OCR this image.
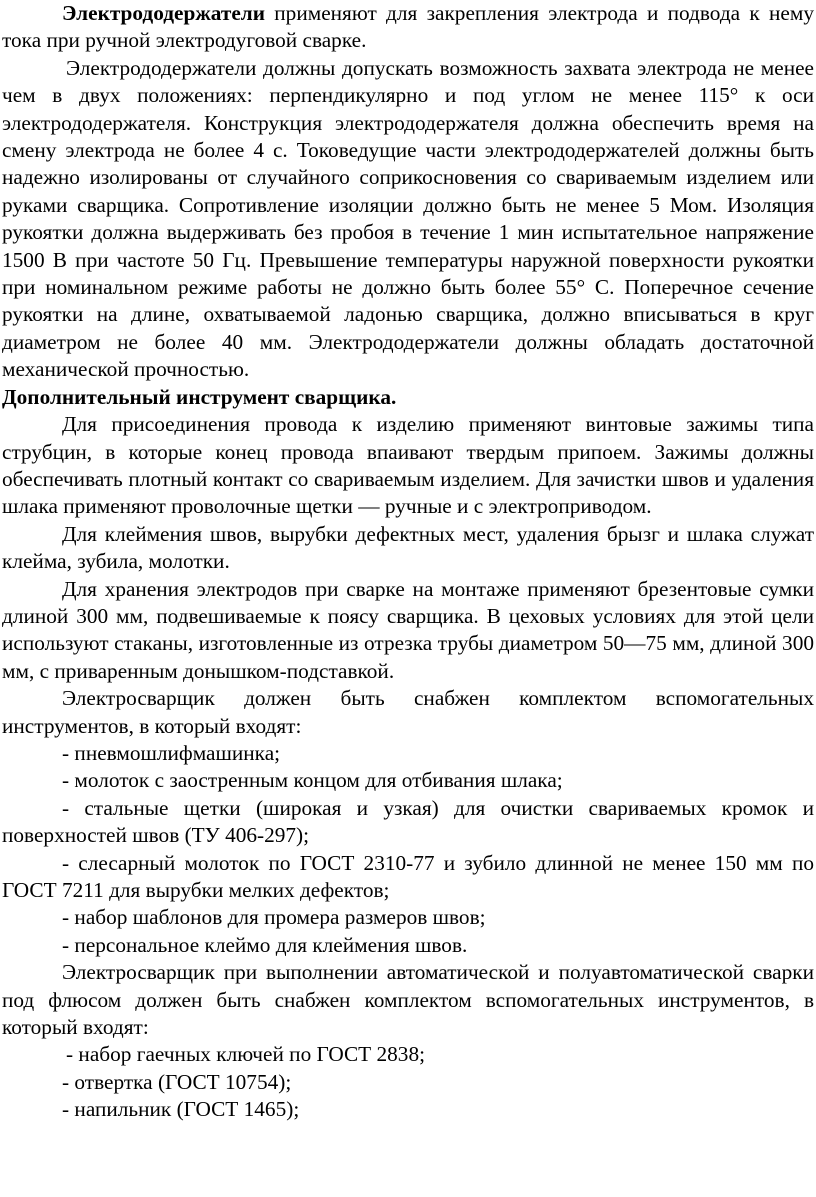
Электрододержатели применяют для закрепления электрода и подвода к нему тока при ручной электродуговой сварке.

Электрододержатели должны допускать возможность захвата электрода не менее чем в двух положениях: перпендикулярно и под углом не менее 115° к оси электрододержателя. Конструкция электрододержателя должна обеспечить время на смену электрода не более 4 с. Токоведущие части электрододержателей должны быть надежно изолированы от случайного соприкосновения со свариваемым изделием или руками сварщика. Сопротивление изоляции должно быть не менее 5 Мом. Изоляция рукоятки должна выдерживать без пробоя в течение 1 мин испытательное напряжение 1500 В при частоте 50 Гц. Превышение температуры наружной поверхности рукоятки при номинальном режиме работы не должно быть более 55° С. Поперечное сечение рукоятки на длине, охватываемой ладонью сварщика, должно вписываться в круг диаметром не более 40 мм. Электрододержатели должны обладать достаточной механической прочностью.

Дополнительный инструмент сварщика.

Для присоединения провода к изделию применяют винтовые зажимы типа струбцин, в которые конец провода впаивают твердым припоем. Зажимы должны обеспечивать плотный контакт со свариваемым изделием. Для зачистки швов и удаления шлака применяют проволочные щетки — ручные и с электроприводом.

Для клеймения швов, вырубки дефектных мест, удаления брызг и шлака служат клейма, зубила, молотки.

Для хранения электродов при сварке на монтаже применяют брезентовые сумки длиной 300 мм, подвешиваемые к поясу сварщика. В цеховых условиях для этой цели используют стаканы, изготовленные из отрезка трубы диаметром 50—75 мм, длиной 300 мм, с приваренным донышком-подставкой.

Электросварщик должен быть снабжен комплектом вспомогательных инструментов, в который входят:

- пневмошлифмашинка;

- молоток с заостренным концом для отбивания шлака;

- стальные щетки (широкая и узкая) для очистки свариваемых кромок и поверхностей швов (ТУ 406-297);

- слесарный молоток по ГОСТ 2310-77 и зубило длинной не менее 150 мм по ГОСТ 7211 для вырубки мелких дефектов;

- набор шаблонов для промера размеров швов;

- персональное клеймо для клеймения швов.

Электросварщик при выполнении автоматической и полуавтоматической сварки под флюсом должен быть снабжен комплектом вспомогательных инструментов, в который входят:

- набор гаечных ключей по ГОСТ 2838;

- отвертка (ГОСТ 10754);

- напильник (ГОСТ 1465);
